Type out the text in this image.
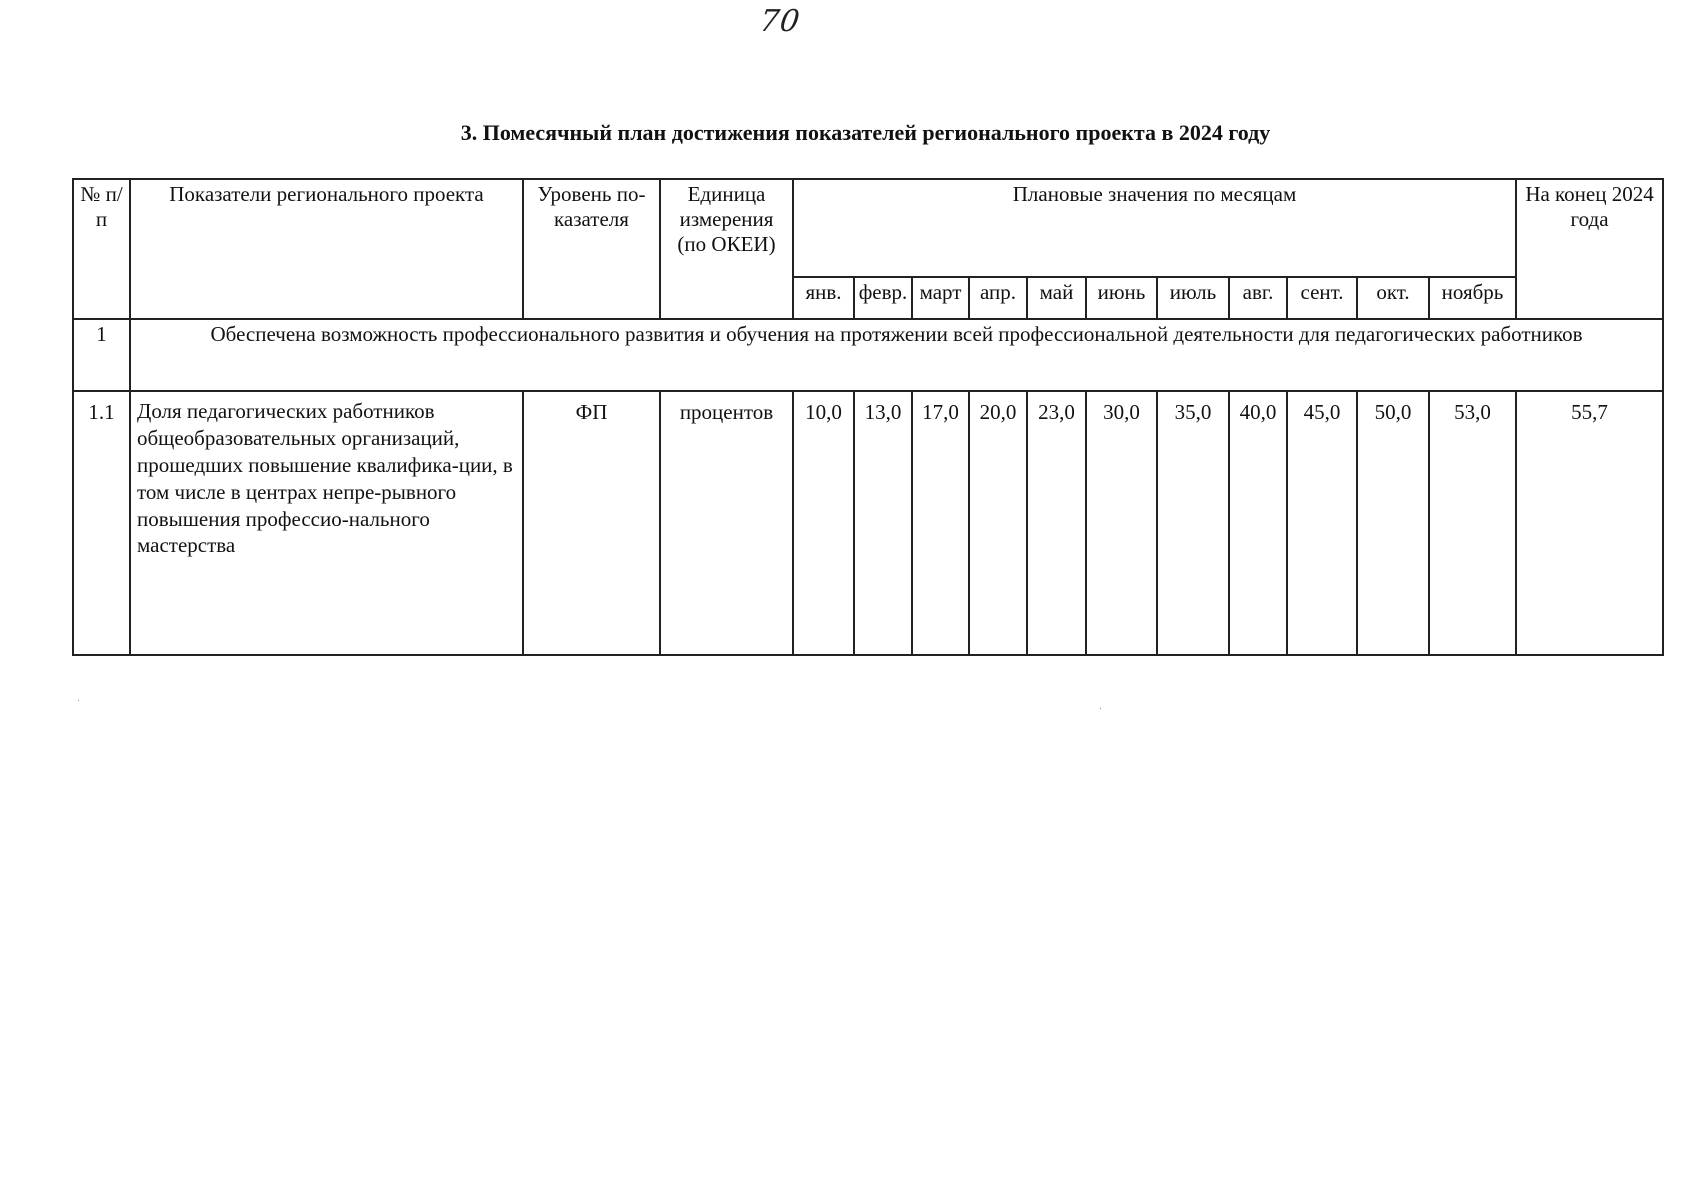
70
3. Помесячный план достижения показателей регионального проекта в 2024 году
№ п/п	Показатели регионального проекта	Уровень по-казателя	Единица измерения (по ОКЕИ)	Плановые значения по месяцам											На конец 2024 года
				янв.	февр.	март	апр.	май	июнь	июль	авг.	сент.	окт.	ноябрь	
1	Обеспечена возможность профессионального развития и обучения на протяжении всей профессиональной деятельности для педагогических работников														
1.1	Доля педагогических работников общеобразовательных организаций, прошедших повышение квалифика-ции, в том числе в центрах непре-рывного повышения профессио-нального мастерства	ФП	процентов	10,0	13,0	17,0	20,0	23,0	30,0	35,0	40,0	45,0	50,0	53,0	55,7
